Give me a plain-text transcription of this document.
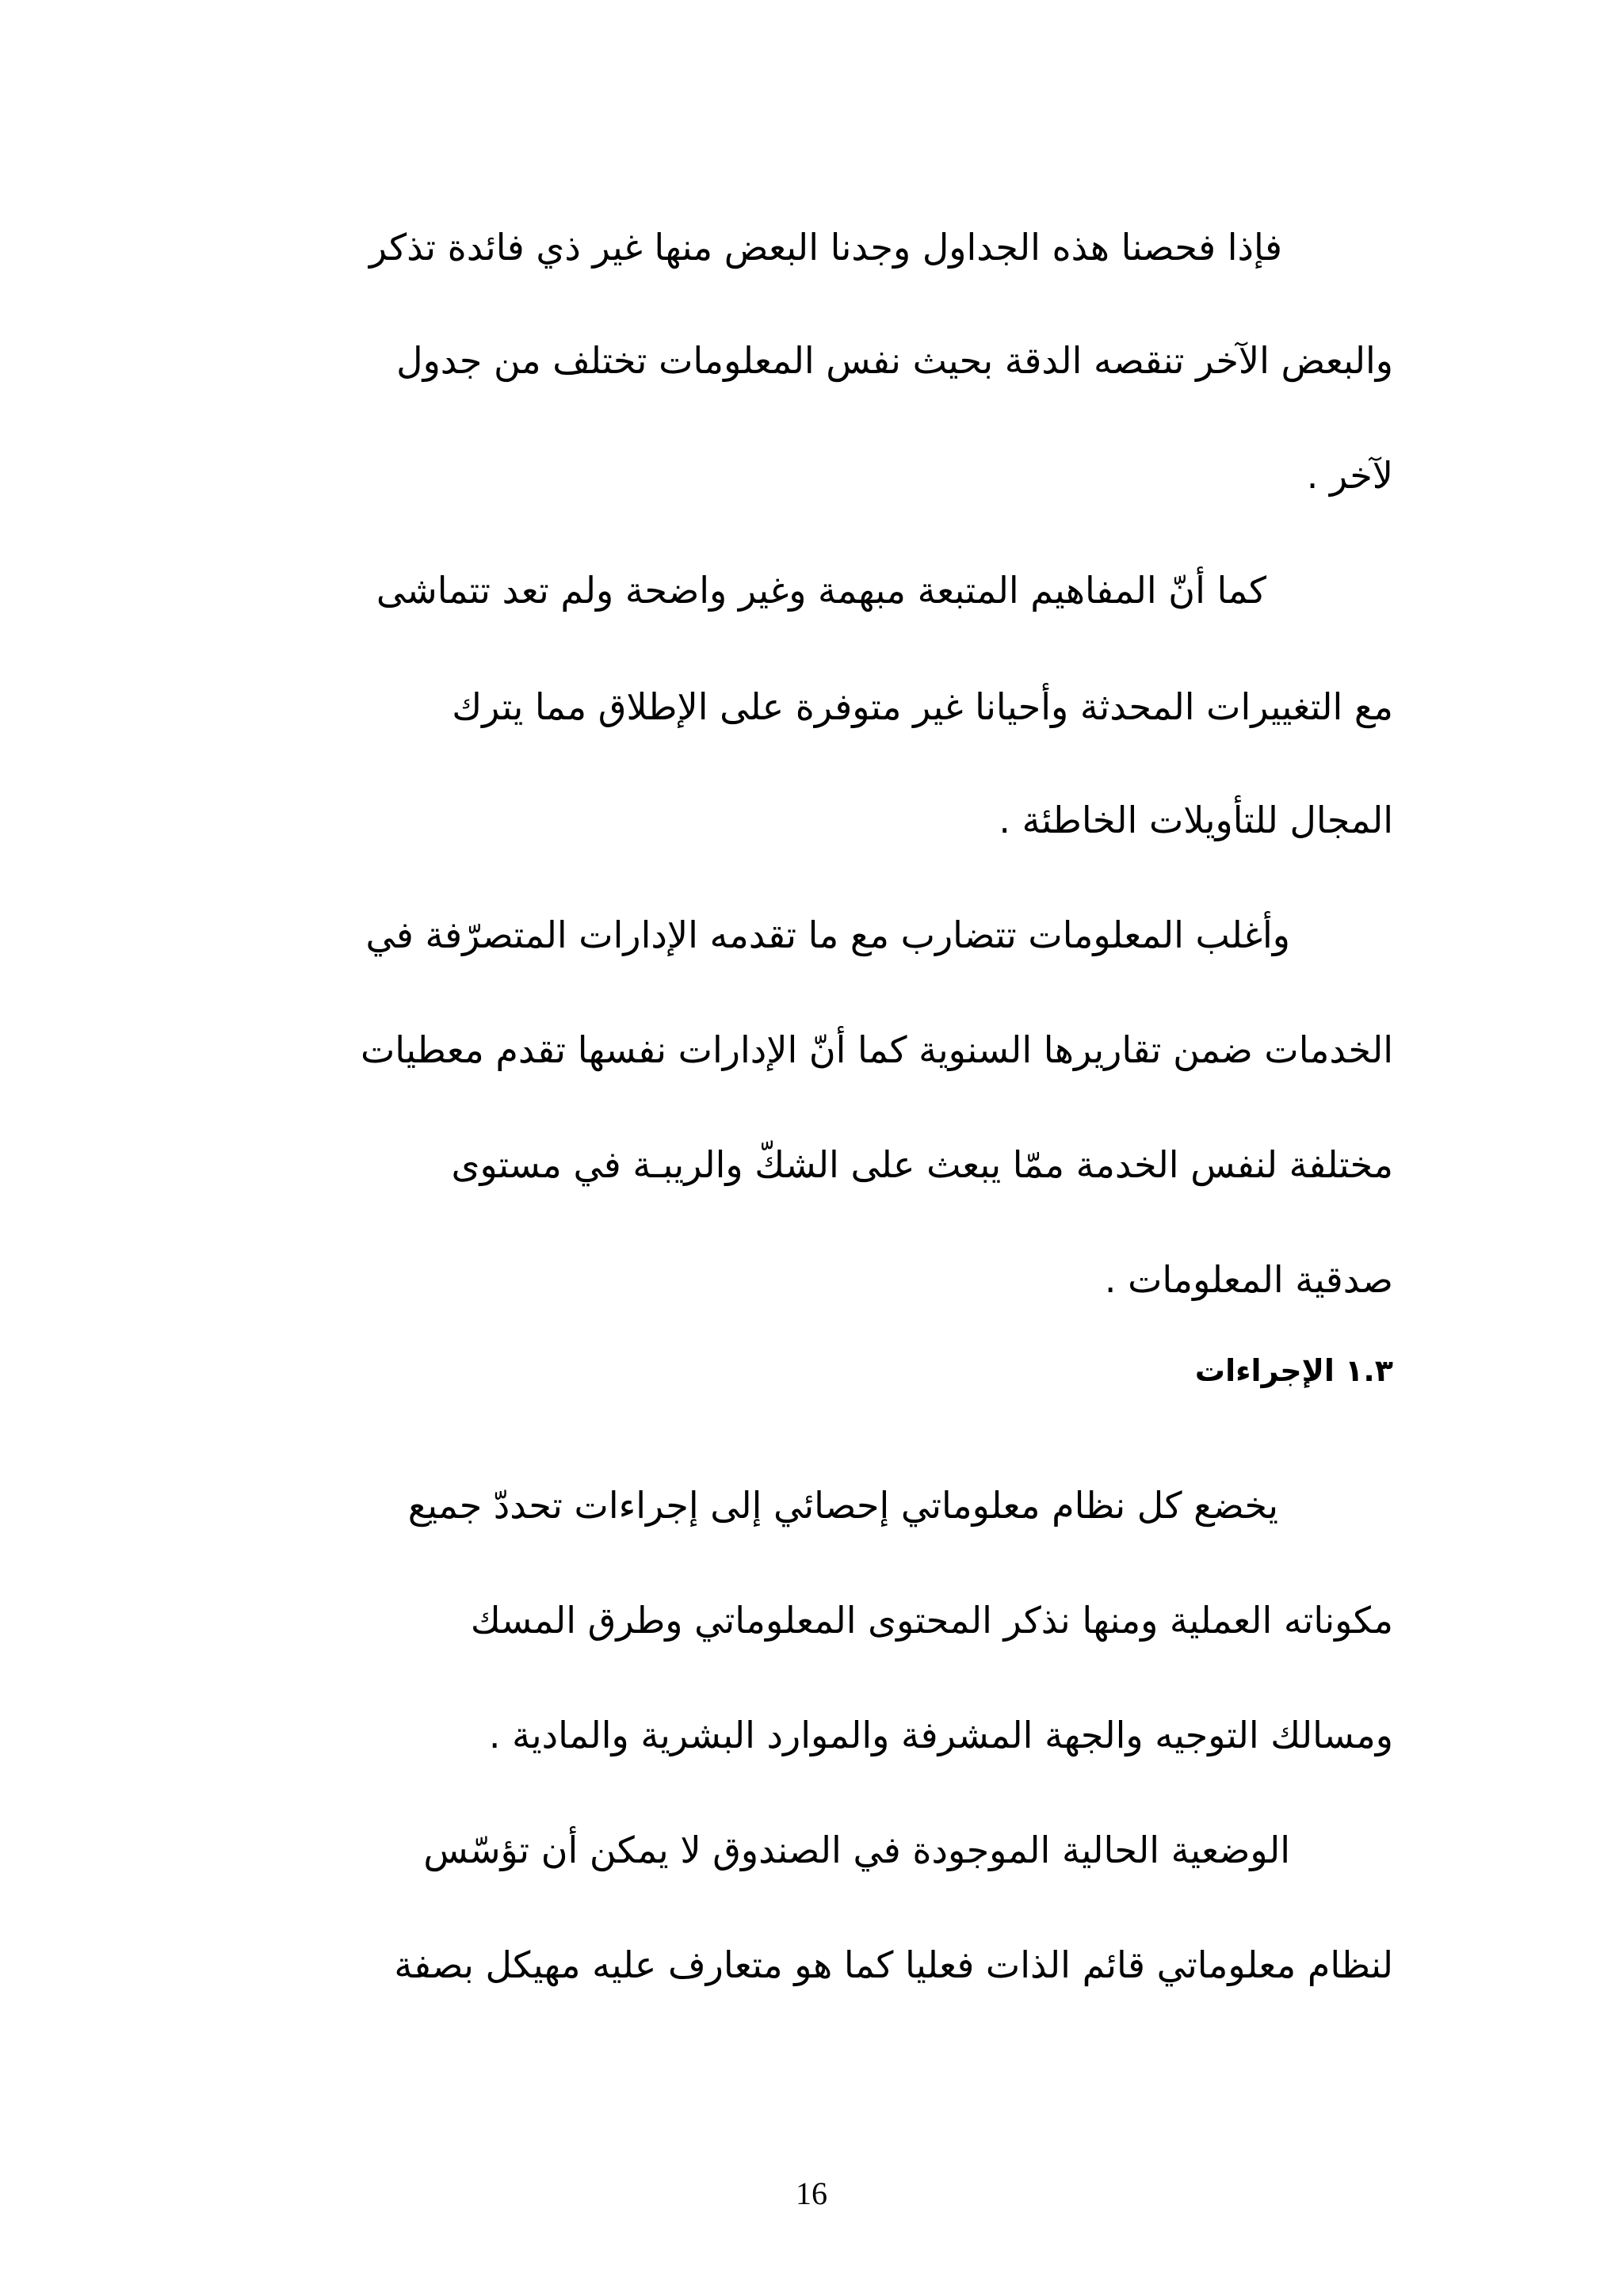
فإذا فحصنا هذه الجداول وجدنا البعض منها غير ذي فائدة تذكر
والبعض الآخر تنقصه الدقة بحيث نفس المعلومات تختلف من جدول
لآخر .
كما أنّ المفاهيم المتبعة مبهمة وغير واضحة ولم تعد تتماشى
مع التغييرات المحدثة وأحيانا غير متوفرة على الإطلاق مما يترك
المجال للتأويلات الخاطئة .
وأغلب المعلومات تتضارب مع ما تقدمه الإدارات المتصرّفة في
الخدمات ضمن تقاريرها السنوية كما أنّ الإدارات نفسها تقدم معطيات
مختلفة لنفس الخدمة ممّا يبعث على الشكّ والريبـة في مستوى
صدقية المعلومات .
١.٣ الإجراءات
يخضع كل نظام معلوماتي إحصائي إلى إجراءات تحددّ جميع
مكوناته العملية ومنها نذكر المحتوى المعلوماتي وطرق المسك
ومسالك التوجيه والجهة المشرفة والموارد البشرية والمادية .
الوضعية الحالية الموجودة في الصندوق لا يمكن أن تؤسّس
لنظام معلوماتي قائم الذات فعليا كما هو متعارف عليه مهيكل بصفة
16
